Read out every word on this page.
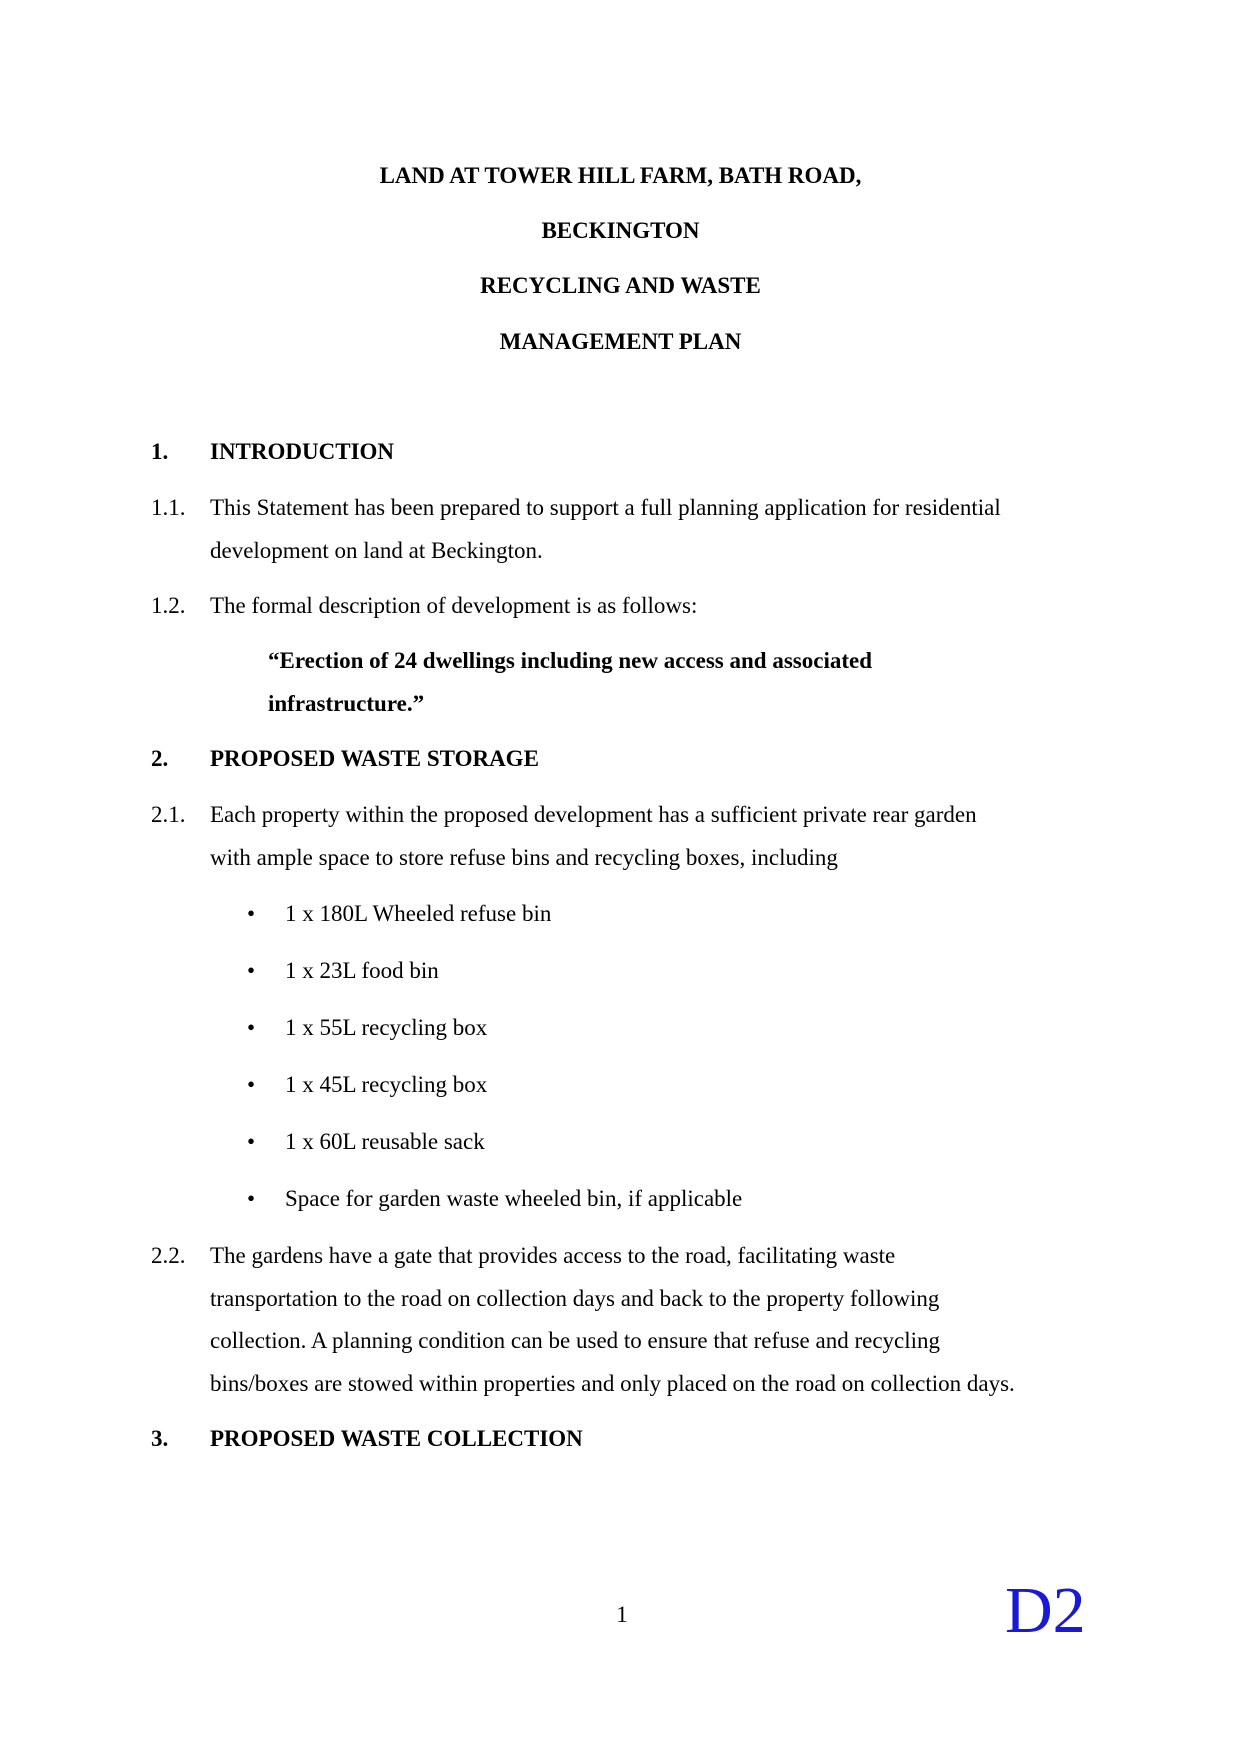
LAND AT TOWER HILL FARM, BATH ROAD,
BECKINGTON
RECYCLING AND WASTE
MANAGEMENT PLAN
1. INTRODUCTION
1.1. This Statement has been prepared to support a full planning application for residential
development on land at Beckington.
1.2. The formal description of development is as follows:
“Erection of 24 dwellings including new access and associated
infrastructure.”
2. PROPOSED WASTE STORAGE
2.1. Each property within the proposed development has a sufficient private rear garden
with ample space to store refuse bins and recycling boxes, including
• 1 x 180L Wheeled refuse bin
• 1 x 23L food bin
• 1 x 55L recycling box
• 1 x 45L recycling box
• 1 x 60L reusable sack
• Space for garden waste wheeled bin, if applicable
2.2. The gardens have a gate that provides access to the road, facilitating waste
transportation to the road on collection days and back to the property following
collection. A planning condition can be used to ensure that refuse and recycling
bins/boxes are stowed within properties and only placed on the road on collection days.
3. PROPOSED WASTE COLLECTION
1	D2
